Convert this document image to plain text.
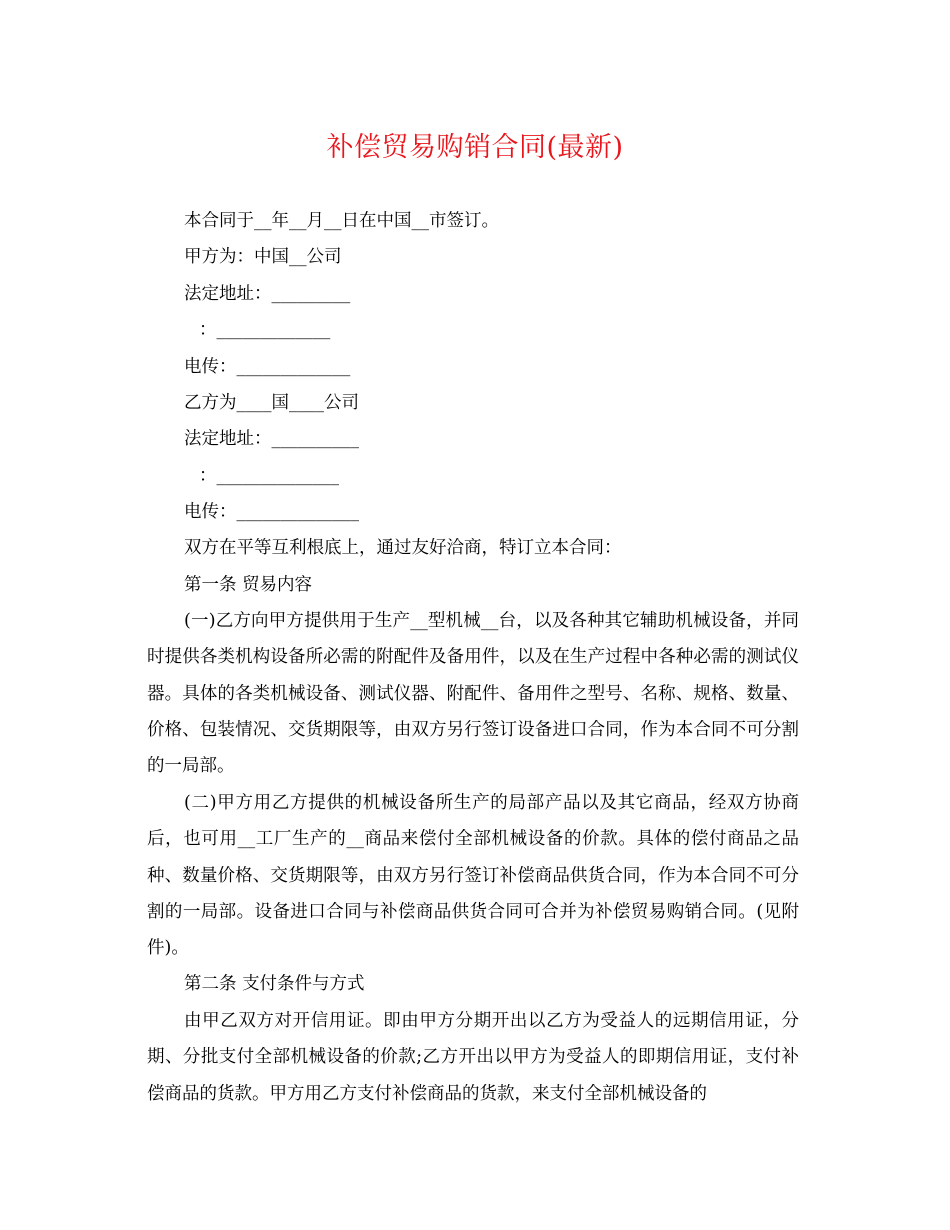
补偿贸易购销合同(最新)
本合同于__年__月__日在中国__市签订。
甲方为：中国__公司
法定地址：_________
：_____________
电传：_____________
乙方为____国____公司
法定地址：__________
：______________
电传：______________
双方在平等互利根底上，通过友好洽商，特订立本合同：
第一条 贸易内容
(一)乙方向甲方提供用于生产__型机械__台，以及各种其它辅助机械设备，并同时提供各类机构设备所必需的附配件及备用件，以及在生产过程中各种必需的测试仪器。具体的各类机械设备、测试仪器、附配件、备用件之型号、名称、规格、数量、价格、包装情况、交货期限等，由双方另行签订设备进口合同，作为本合同不可分割的一局部。
(二)甲方用乙方提供的机械设备所生产的局部产品以及其它商品，经双方协商后，也可用__工厂生产的__商品来偿付全部机械设备的价款。具体的偿付商品之品种、数量价格、交货期限等，由双方另行签订补偿商品供货合同，作为本合同不可分割的一局部。设备进口合同与补偿商品供货合同可合并为补偿贸易购销合同。(见附件)。
第二条 支付条件与方式
由甲乙双方对开信用证。即由甲方分期开出以乙方为受益人的远期信用证，分期、分批支付全部机械设备的价款;乙方开出以甲方为受益人的即期信用证，支付补偿商品的货款。甲方用乙方支付补偿商品的货款，来支付全部机械设备的
